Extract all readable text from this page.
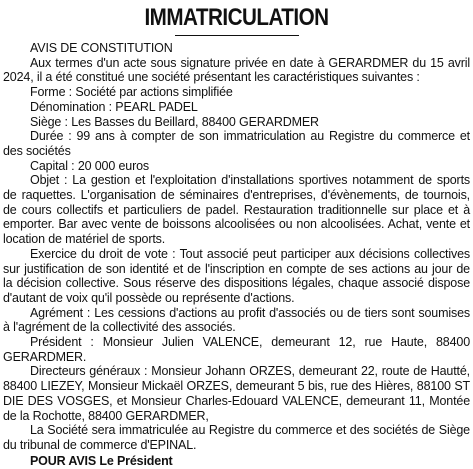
IMMATRICULATION

AVIS DE CONSTITUTION

Aux termes d'un acte sous signature privée en date à GERARDMER du 15 avril 2024, il a été constitué une société présentant les caractéristiques suivantes :

Forme : Société par actions simplifiée

Dénomination : PEARL PADEL

Siège : Les Basses du Beillard, 88400 GERARDMER

Durée : 99 ans à compter de son immatriculation au Registre du commerce et des sociétés

Capital : 20 000 euros

Objet : La gestion et l'exploitation d'installations sportives notamment de sports de raquettes. L'organisation de séminaires d'entreprises, d'évènements, de tournois, de cours collectifs et particuliers de padel. Restauration traditionnelle sur place et à emporter. Bar avec vente de boissons alcoolisées ou non alcoolisées. Achat, vente et location de matériel de sports.

Exercice du droit de vote : Tout associé peut participer aux décisions collectives sur justification de son identité et de l'inscription en compte de ses actions au jour de la décision collective. Sous réserve des dispositions légales, chaque associé dispose d'autant de voix qu'il possède ou représente d'actions.

Agrément : Les cessions d'actions au profit d'associés ou de tiers sont soumises à l'agrément de la collectivité des associés.

Président : Monsieur Julien VALENCE, demeurant 12, rue Haute, 88400 GERARDMER.

Directeurs généraux : Monsieur Johann ORZES, demeurant 22, route de Hautté, 88400 LIEZEY, Monsieur Mickaël ORZES, demeurant 5 bis, rue des Hières, 88100 ST DIE DES VOSGES, et Monsieur Charles-Edouard VALENCE, demeurant 11, Montée de la Rochotte, 88400 GERARDMER,

La Société sera immatriculée au Registre du commerce et des sociétés de Siège du tribunal de commerce d'EPINAL.

POUR AVIS Le Président
